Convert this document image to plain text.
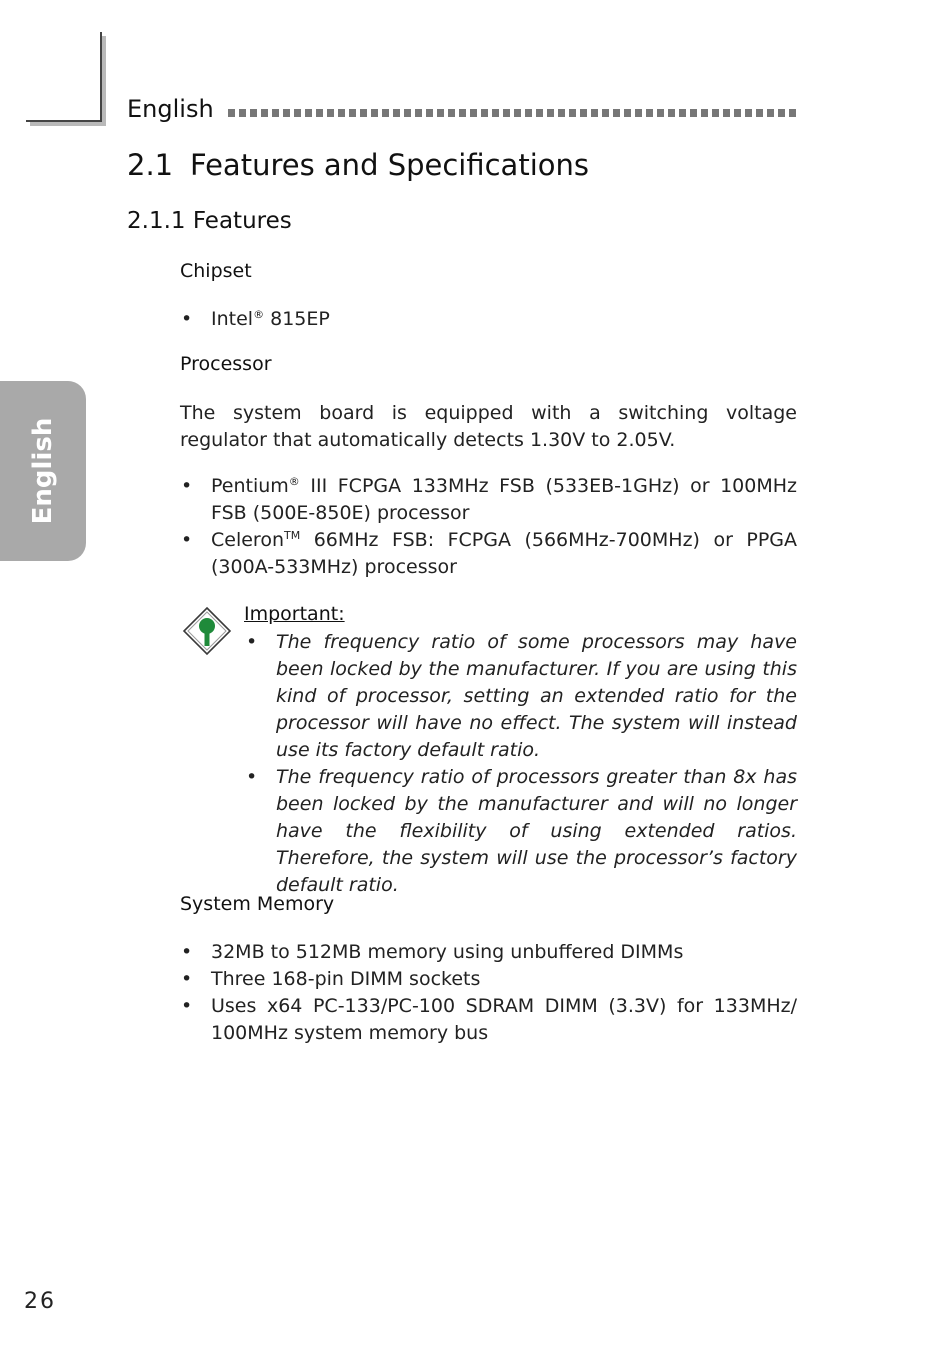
English
English
2.1 Features and Specifications
2.1.1 Features
Chipset
• Intel® 815EP
Processor
The system board is equipped with a switching voltage regulator that automatically detects 1.30V to 2.05V.
• Pentium® III FCPGA 133MHz FSB (533EB-1GHz) or 100MHz FSB (500E-850E) processor
• Celeron™ 66MHz FSB: FCPGA (566MHz-700MHz) or PPGA (300A-533MHz) processor
Important:
• The frequency ratio of some processors may have been locked by the manufacturer. If you are using this kind of processor, setting an extended ratio for the processor will have no effect. The system will instead use its factory default ratio.
• The frequency ratio of processors greater than 8x has been locked by the manufacturer and will no longer have the flexibility of using extended ratios. Therefore, the system will use the processor’s factory default ratio.
System Memory
• 32MB to 512MB memory using unbuffered DIMMs
• Three 168-pin DIMM sockets
• Uses x64 PC-133/PC-100 SDRAM DIMM (3.3V) for 133MHz/ 100MHz system memory bus
26
